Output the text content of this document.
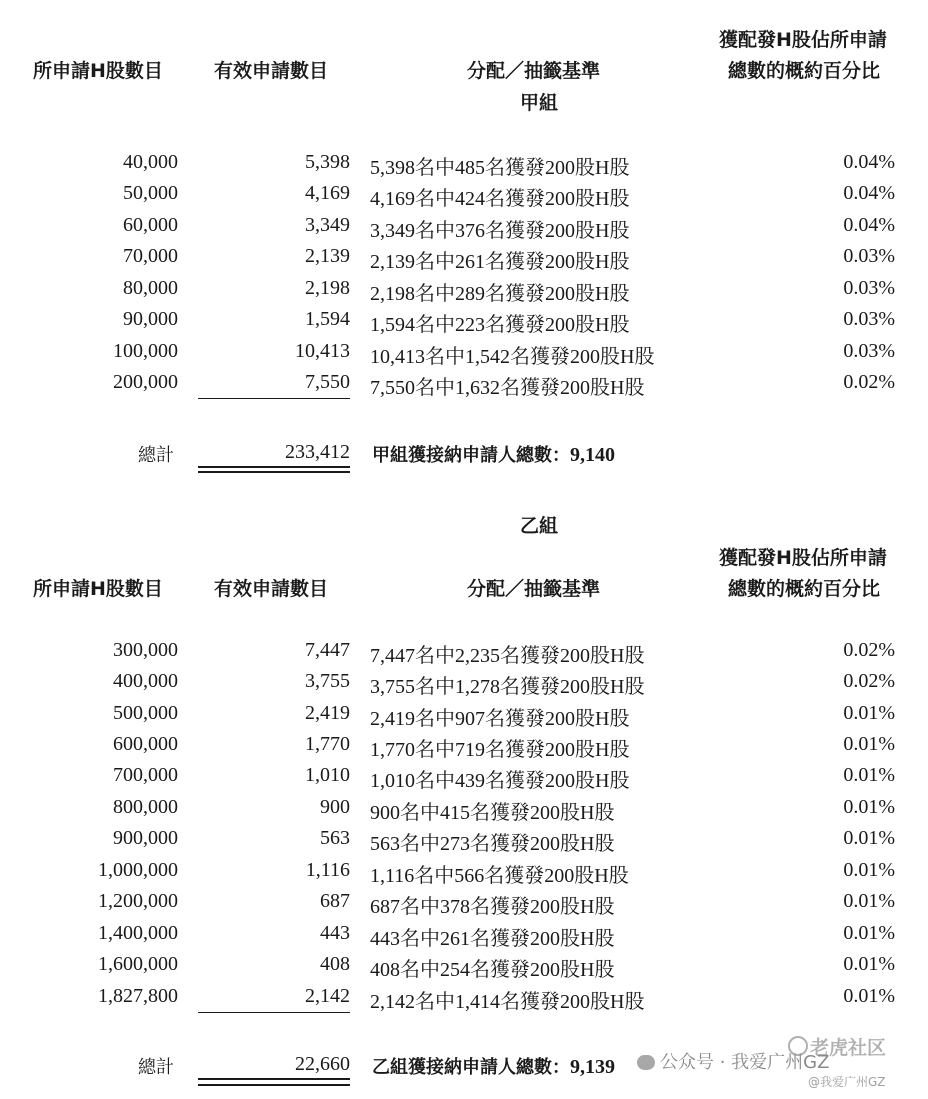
所申請H股數目	有效申請數目	分配／抽籤基準
甲組
獲配發H股佔所申請
總數的概約百分比
40,000	5,398 5,398名中485名獲發200股H股	0.04%
50,000	4,169 4,169名中424名獲發200股H股	0.04%
60,000	3,349 3,349名中376名獲發200股H股	0.04%
70,000	2,139 2,139名中261名獲發200股H股	0.03%
80,000	2,198 2,198名中289名獲發200股H股	0.03%
90,000	1,594 1,594名中223名獲發200股H股	0.03%
100,000	10,413 10,413名中1,542名獲發200股H股	0.03%
200,000	7,550 7,550名中1,632名獲發200股H股	0.02%
總計	233,412 甲組獲接納申請人總數：9,140
乙組
獲配發H股佔所申請
所申請H股數目	有效申請數目	分配／抽籤基準	總數的概約百分比
300,000	7,447 7,447名中2,235名獲發200股H股	0.02%
400,000	3,755 3,755名中1,278名獲發200股H股	0.02%
500,000	2,419 2,419名中907名獲發200股H股	0.01%
600,000	1,770 1,770名中719名獲發200股H股	0.01%
700,000	1,010 1,010名中439名獲發200股H股	0.01%
800,000	900 900名中415名獲發200股H股	0.01%
900,000	563 563名中273名獲發200股H股	0.01%
1,000,000	1,116 1,116名中566名獲發200股H股	0.01%
1,200,000	687 687名中378名獲發200股H股	0.01%
1,400,000	443 443名中261名獲發200股H股	0.01%
1,600,000	408 408名中254名獲發200股H股	0.01%
1,827,800	2,142 2,142名中1,414名獲發200股H股	0.01%
總計	22,660 乙組獲接納申請人總數：9,139
老虎社区
公众号 · 我爱广州GZ
@我爱广州GZ
